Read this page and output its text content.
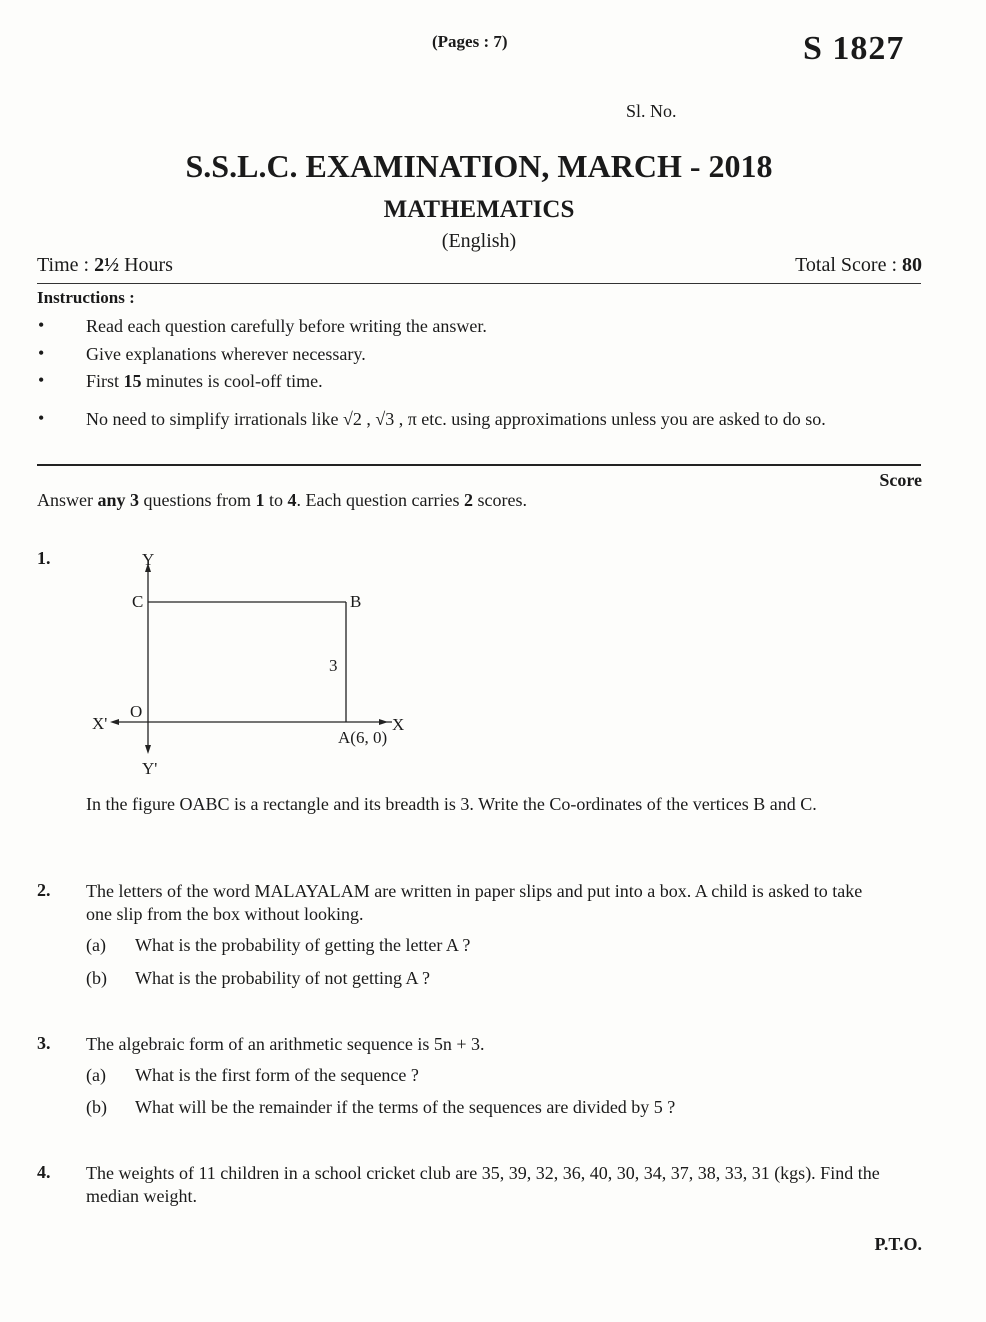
(Pages : 7)	S 1827
Sl. No.
S.S.L.C. EXAMINATION, MARCH - 2018
MATHEMATICS
(English)
Time : 2½ Hours	Total Score : 80
Instructions :
• Read each question carefully before writing the answer.
• Give explanations wherever necessary.
• First 15 minutes is cool-off time.
• No need to simplify irrationals like √2 , √3 , π etc. using approximations unless you are asked to do so.
Score
Answer any 3 questions from 1 to 4. Each question carries 2 scores.
1.	Y
Y'
X
X'
O
C	B
A(6, 0)
3
In the figure OABC is a rectangle and its breadth is 3. Write the Co-ordinates of the vertices B and C.
2. The letters of the word MALAYALAM are written in paper slips and put into a box. A child is asked to take one slip from the box without looking.
(a) What is the probability of getting the letter A ?
(b) What is the probability of not getting A ?
3. The algebraic form of an arithmetic sequence is 5n + 3.
(a) What is the first form of the sequence ?
(b) What will be the remainder if the terms of the sequences are divided by 5 ?
4. The weights of 11 children in a school cricket club are 35, 39, 32, 36, 40, 30, 34, 37, 38, 33, 31 (kgs). Find the median weight.
P.T.O.
